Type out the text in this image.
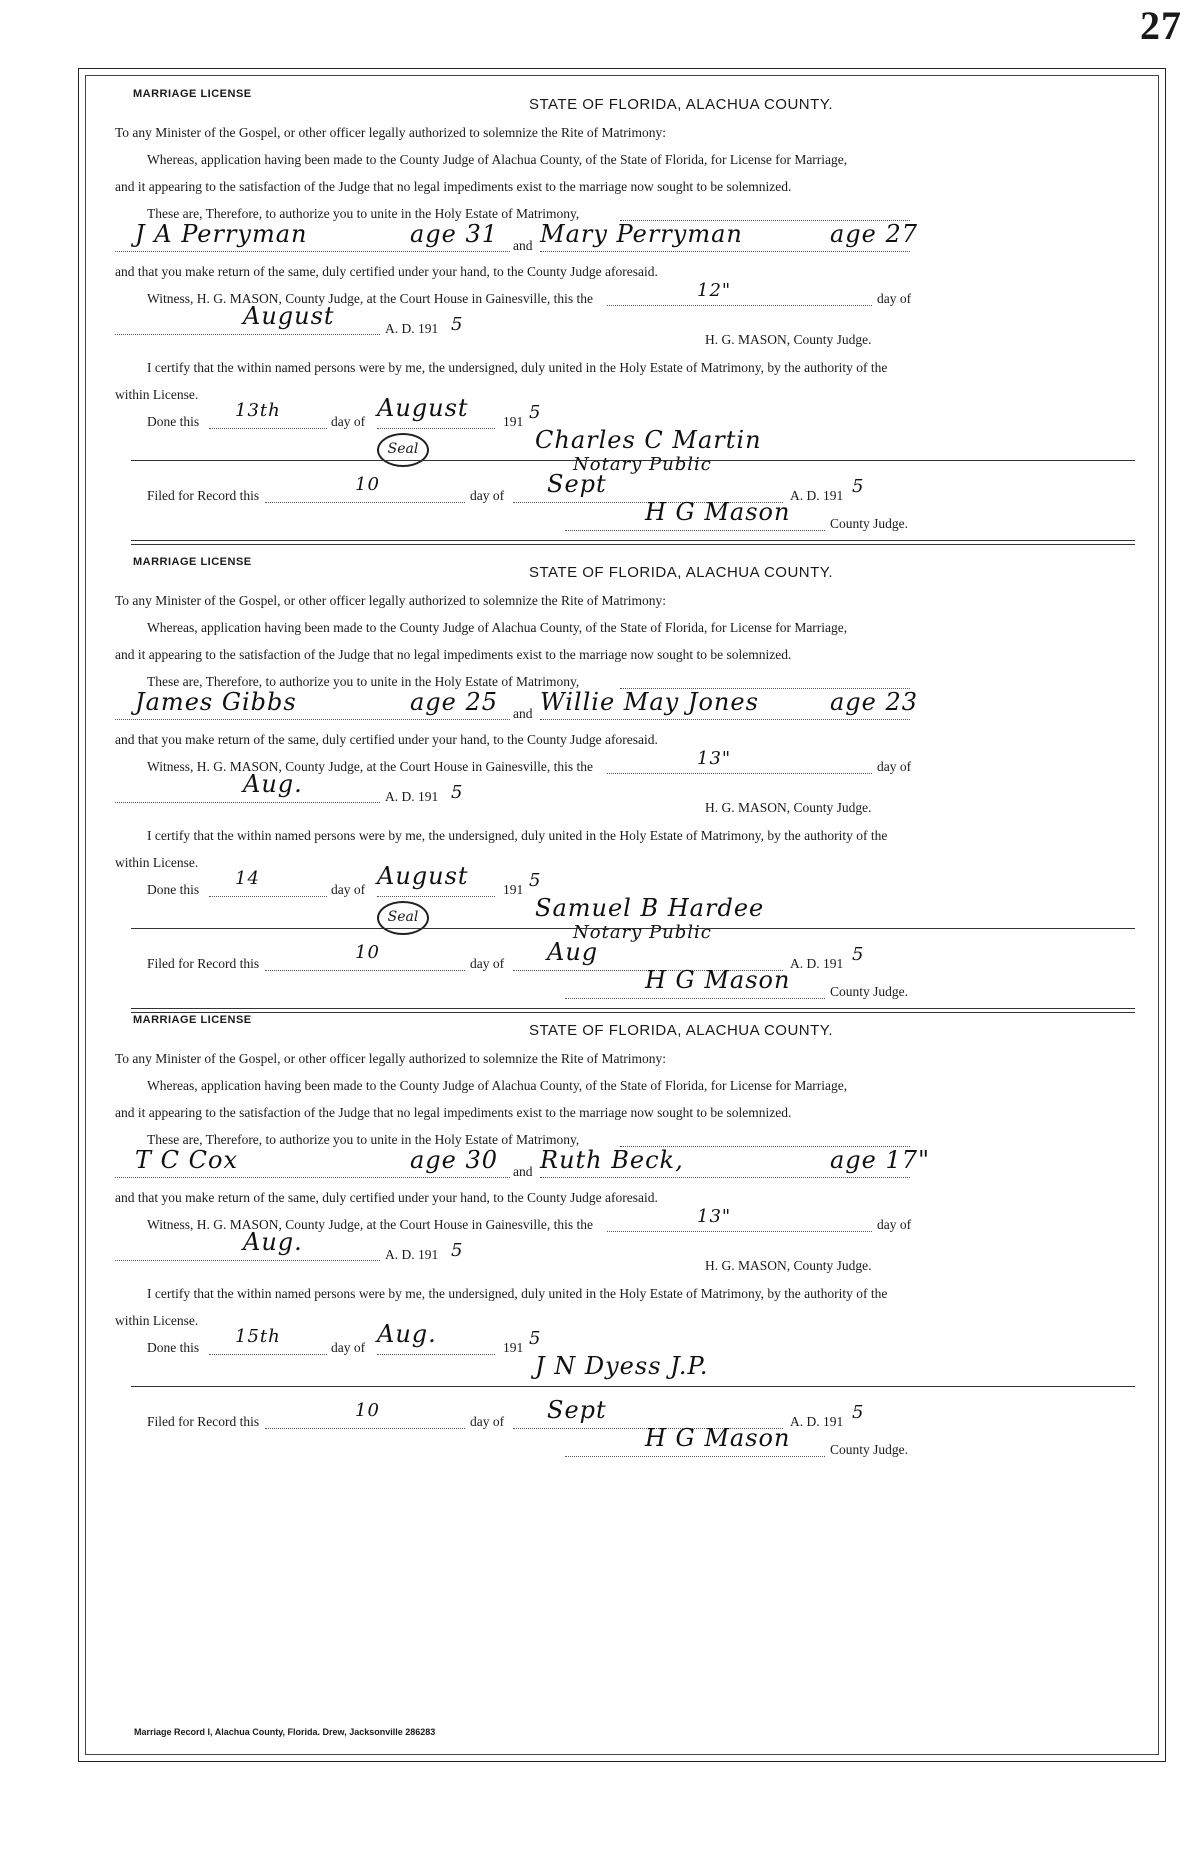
27
MARRIAGE LICENSE
STATE OF FLORIDA, ALACHUA COUNTY.
To any Minister of the Gospel, or other officer legally authorized to solemnize the Rite of Matrimony:
Whereas, application having been made to the County Judge of Alachua County, of the State of Florida, for License for Marriage,
and it appearing to the satisfaction of the Judge that no legal impediments exist to the marriage now sought to be solemnized.
These are, Therefore, to authorize you to unite in the Holy Estate of Matrimony,
J A Perryman	age 31 and Mary Perryman	age 27
and that you make return of the same, duly certified under your hand, to the County Judge aforesaid.
Witness, H. G. MASON, County Judge, at the Court House in Gainesville, this the	12"	day of
August	A. D. 191 5
H. G. MASON, County Judge.
I certify that the within named persons were by me, the undersigned, duly united in the Holy Estate of Matrimony, by the authority of the
within License.
Done this
13th
day of August	191 5
Seal	Charles C Martin
Notary Public
Filed for Record this
10
day of Sept	A. D. 191 5
H G Mason	County Judge.
MARRIAGE LICENSE
STATE OF FLORIDA, ALACHUA COUNTY.
To any Minister of the Gospel, or other officer legally authorized to solemnize the Rite of Matrimony:
Whereas, application having been made to the County Judge of Alachua County, of the State of Florida, for License for Marriage,
and it appearing to the satisfaction of the Judge that no legal impediments exist to the marriage now sought to be solemnized.
These are, Therefore, to authorize you to unite in the Holy Estate of Matrimony,
James Gibbs	age 25 and Willie May Jones	age 23
and that you make return of the same, duly certified under your hand, to the County Judge aforesaid.
Witness, H. G. MASON, County Judge, at the Court House in Gainesville, this the	13"	day of
Aug.	A. D. 191 5
H. G. MASON, County Judge.
I certify that the within named persons were by me, the undersigned, duly united in the Holy Estate of Matrimony, by the authority of the
within License.
Done this
14
day of August	191 5
Seal	Samuel B Hardee
Notary Public
Filed for Record this
10
day of Aug	A. D. 191 5
H G Mason	County Judge.
MARRIAGE LICENSE
STATE OF FLORIDA, ALACHUA COUNTY.
To any Minister of the Gospel, or other officer legally authorized to solemnize the Rite of Matrimony:
Whereas, application having been made to the County Judge of Alachua County, of the State of Florida, for License for Marriage,
and it appearing to the satisfaction of the Judge that no legal impediments exist to the marriage now sought to be solemnized.
These are, Therefore, to authorize you to unite in the Holy Estate of Matrimony,
T C Cox	age 30 and Ruth Beck,	age 17"
and that you make return of the same, duly certified under your hand, to the County Judge aforesaid.
Witness, H. G. MASON, County Judge, at the Court House in Gainesville, this the	13"	day of
Aug.	A. D. 191 5
H. G. MASON, County Judge.
I certify that the within named persons were by me, the undersigned, duly united in the Holy Estate of Matrimony, by the authority of the
within License.
Done this
15th
day of Aug.	191 5
J N Dyess J.P.
Filed for Record this
10
day of Sept	A. D. 191 5
H G Mason	County Judge.
Marriage Record I, Alachua County, Florida. Drew, Jacksonville 286283
